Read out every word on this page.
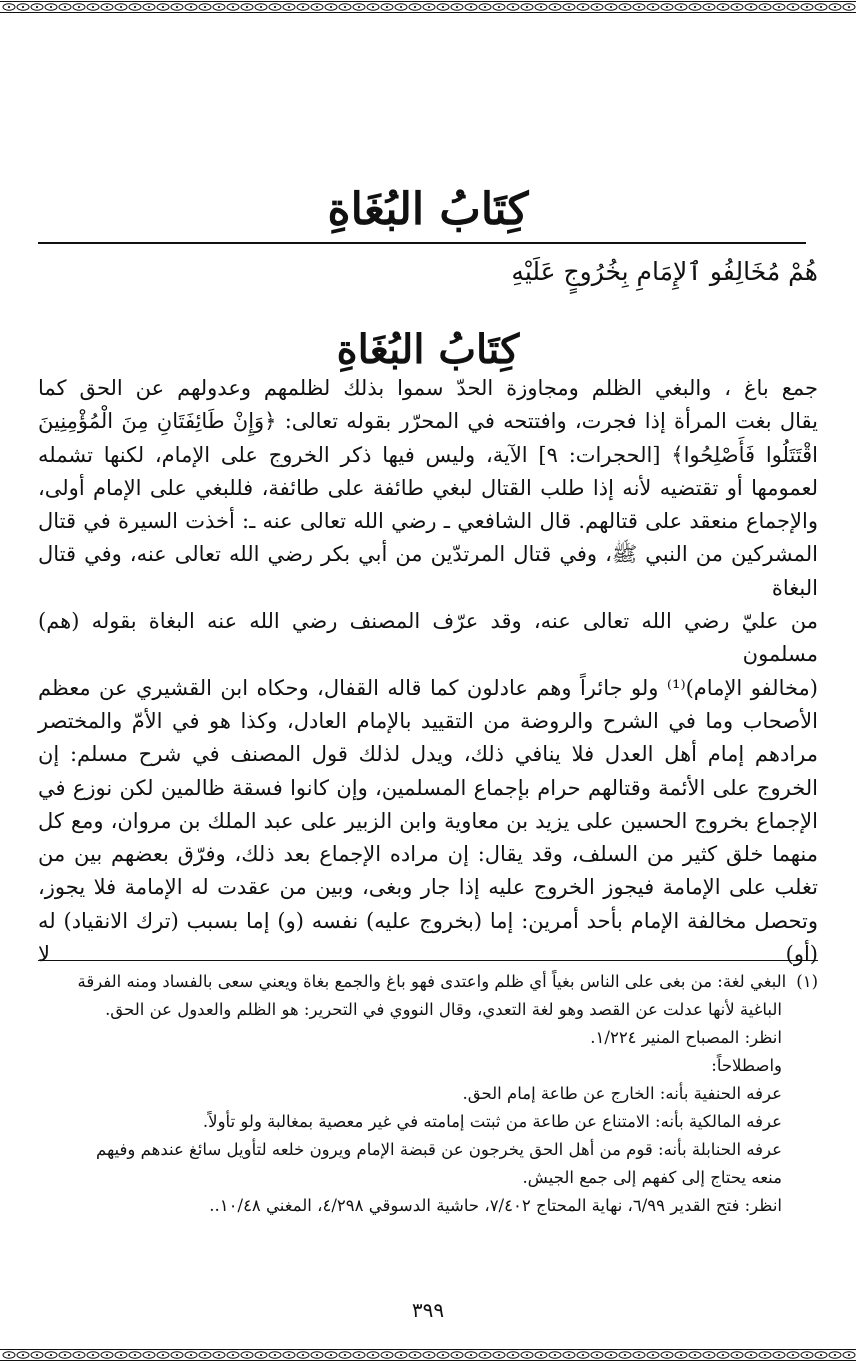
كِتَابُ البُغَاةِ
هُمْ مُخَالِفُو ٱلإِمَامِ بِخُرُوجٍ عَلَيْهِ
كِتَابُ البُغَاةِ

جمع باغ ، والبغي الظلم ومجاوزة الحدّ سموا بذلك لظلمهم وعدولهم عن الحق كما

يقال بغت المرأة إذا فجرت، وافتتحه في المحرّر بقوله تعالى: ﴿وَإِنْ طَائِفَتَانِ مِنَ الْمُؤْمِنِينَ

اقْتَتَلُوا فَأَصْلِحُوا﴾ [الحجرات: ٩] الآية، وليس فيها ذكر الخروج على الإمام، لكنها تشمله

لعمومها أو تقتضيه لأنه إذا طلب القتال لبغي طائفة على طائفة، فللبغي على الإمام أولى،

والإجماع منعقد على قتالهم. قال الشافعي ـ رضي الله تعالى عنه ـ: أخذت السيرة في قتال

المشركين من النبي ﷺ، وفي قتال المرتدّين من أبي بكر رضي الله تعالى عنه، وفي قتال البغاة

من عليّ رضي الله تعالى عنه، وقد عرّف المصنف رضي الله عنه البغاة بقوله (هم) مسلمون

(مخالفو الإمام)⁽¹⁾ ولو جائراً وهم عادلون كما قاله القفال، وحكاه ابن القشيري عن معظم

الأصحاب وما في الشرح والروضة من التقييد بالإمام العادل، وكذا هو في الأمّ والمختصر

مرادهم إمام أهل العدل فلا ينافي ذلك، ويدل لذلك قول المصنف في شرح مسلم: إن

الخروج على الأئمة وقتالهم حرام بإجماع المسلمين، وإن كانوا فسقة ظالمين لكن نوزع في

الإجماع بخروج الحسين على يزيد بن معاوية وابن الزبير على عبد الملك بن مروان، ومع كل

منهما خلق كثير من السلف، وقد يقال: إن مراده الإجماع بعد ذلك، وفرّق بعضهم بين من

تغلب على الإمامة فيجوز الخروج عليه إذا جار وبغى، وبين من عقدت له الإمامة فلا يجوز،

وتحصل مخالفة الإمام بأحد أمرين: إما (بخروج عليه) نفسه (و) إما بسبب (ترك الانقياد) له (أو) لا

(١)البغي لغة: من بغى على الناس بغياً أي ظلم واعتدى فهو باغ والجمع بغاة ويعني سعى بالفساد ومنه الفرقة

الباغية لأنها عدلت عن القصد وهو لغة التعدي، وقال النووي في التحرير: هو الظلم والعدول عن الحق.

انظر: المصباح المنير ١/٢٢٤.

واصطلاحاً:

عرفه الحنفية بأنه: الخارج عن طاعة إمام الحق.

عرفه المالكية بأنه: الامتناع عن طاعة من ثبتت إمامته في غير معصية بمغالبة ولو تأولاً.

عرفه الحنابلة بأنه: قوم من أهل الحق يخرجون عن قبضة الإمام ويرون خلعه لتأويل سائغ عندهم وفيهم

منعه يحتاج إلى كفهم إلى جمع الجيش.

انظر: فتح القدير ٦/٩٩، نهاية المحتاج ٧/٤٠٢، حاشية الدسوقي ٤/٢٩٨، المغني ١٠/٤٨..

٣٩٩
